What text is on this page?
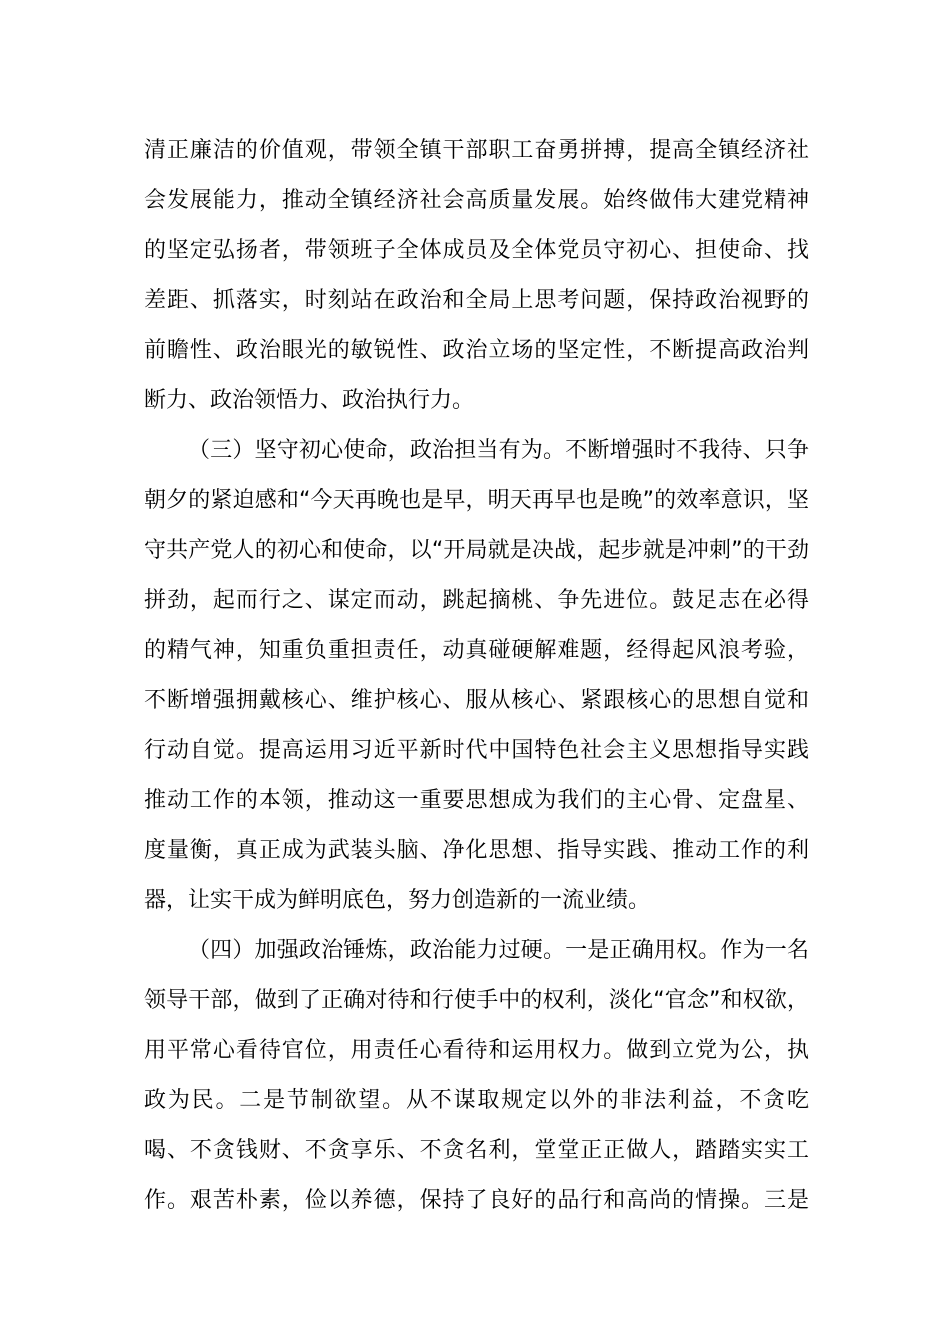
清正廉洁的价值观，带领全镇干部职工奋勇拼搏，提高全镇经济社
会发展能力，推动全镇经济社会高质量发展。始终做伟大建党精神
的坚定弘扬者，带领班子全体成员及全体党员守初心、担使命、找
差距、抓落实，时刻站在政治和全局上思考问题，保持政治视野的
前瞻性、政治眼光的敏锐性、政治立场的坚定性，不断提高政治判
断力、政治领悟力、政治执行力。
（三）坚守初心使命，政治担当有为。不断增强时不我待、只争
朝夕的紧迫感和“今天再晚也是早，明天再早也是晚”的效率意识，坚
守共产党人的初心和使命，以“开局就是决战，起步就是冲刺”的干劲
拼劲，起而行之、谋定而动，跳起摘桃、争先进位。鼓足志在必得
的精气神，知重负重担责任，动真碰硬解难题，经得起风浪考验，
不断增强拥戴核心、维护核心、服从核心、紧跟核心的思想自觉和
行动自觉。提高运用习近平新时代中国特色社会主义思想指导实践
推动工作的本领，推动这一重要思想成为我们的主心骨、定盘星、
度量衡，真正成为武装头脑、净化思想、指导实践、推动工作的利
器，让实干成为鲜明底色，努力创造新的一流业绩。
（四）加强政治锤炼，政治能力过硬。一是正确用权。作为一名
领导干部，做到了正确对待和行使手中的权利，淡化“官念”和权欲，
用平常心看待官位，用责任心看待和运用权力。做到立党为公，执
政为民。二是节制欲望。从不谋取规定以外的非法利益，不贪吃
喝、不贪钱财、不贪享乐、不贪名利，堂堂正正做人，踏踏实实工
作。艰苦朴素，俭以养德，保持了良好的品行和高尚的情操。三是
